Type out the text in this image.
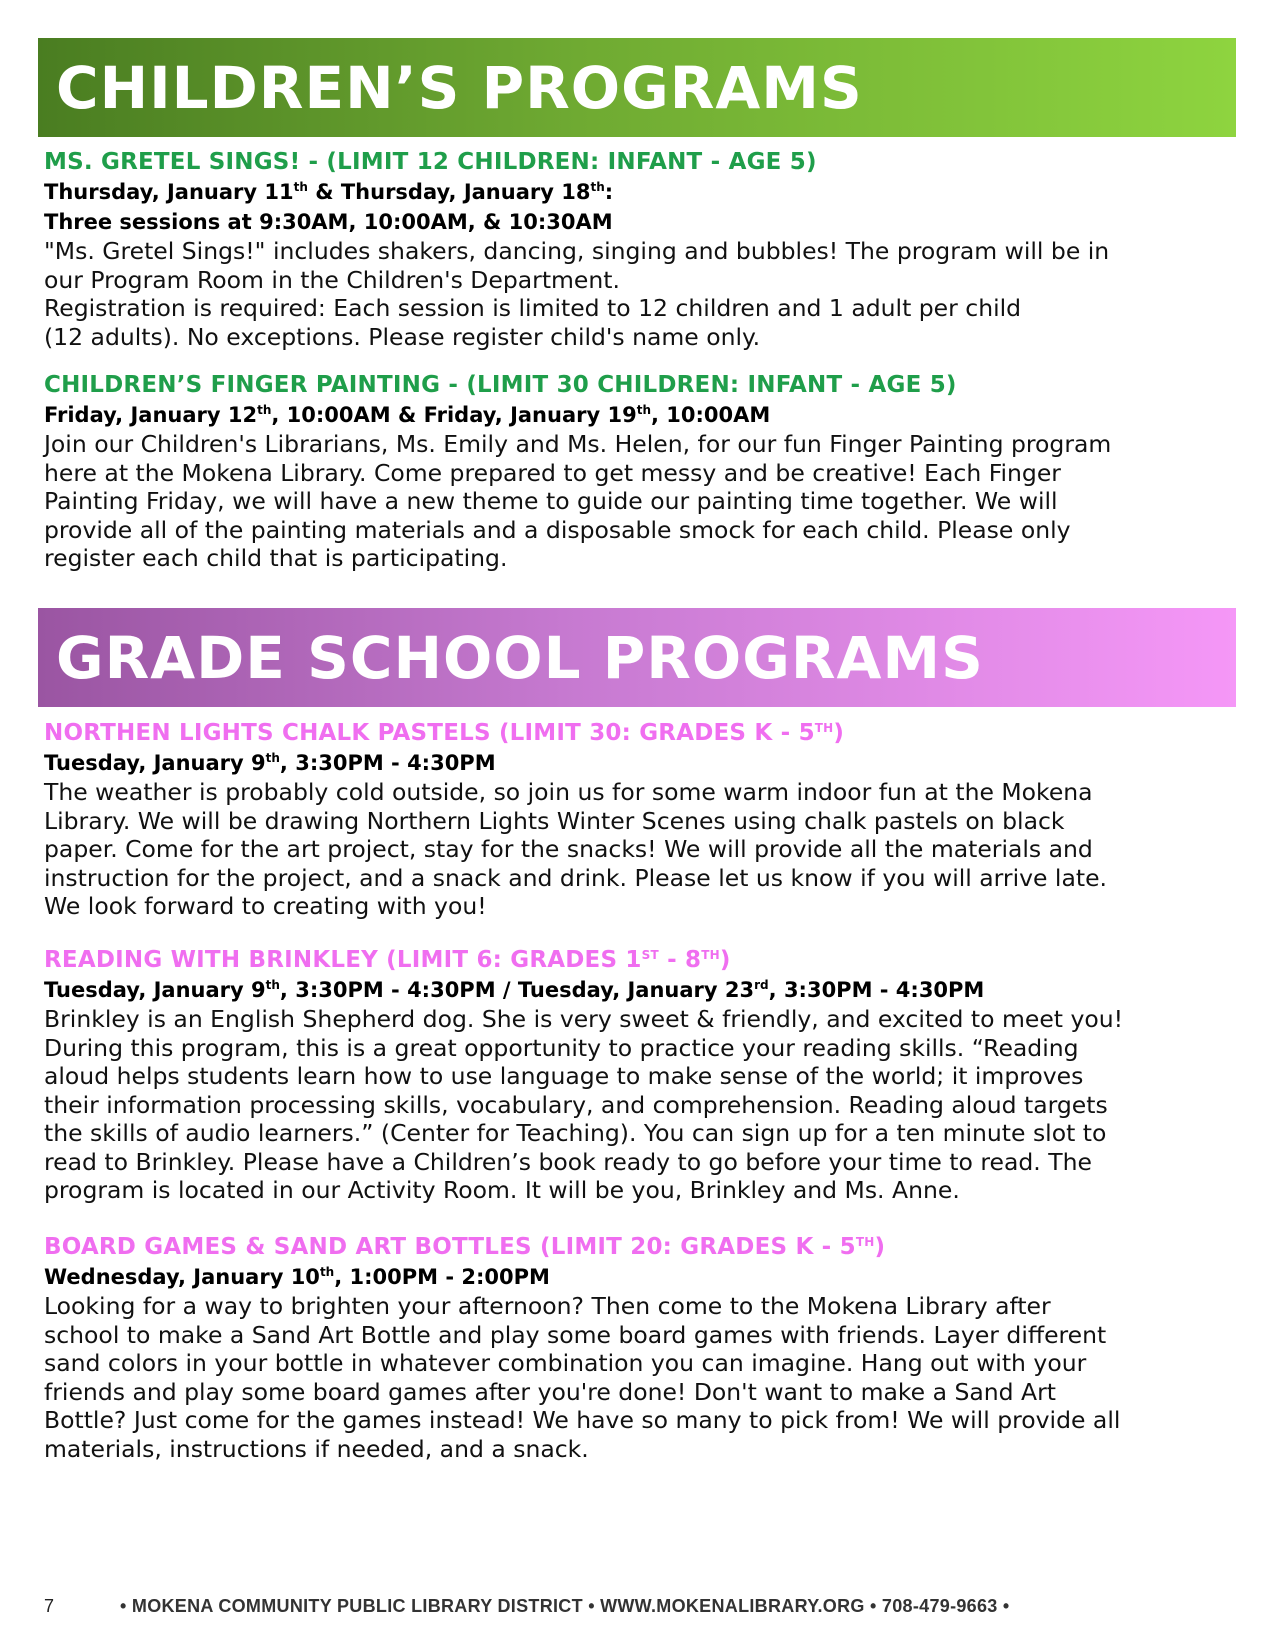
CHILDREN’S PROGRAMS

MS. GRETEL SINGS! - (LIMIT 12 CHILDREN: INFANT - AGE 5)

Thursday, January 11th & Thursday, January 18th:

Three sessions at 9:30AM, 10:00AM, & 10:30AM

"Ms. Gretel Sings!" includes shakers, dancing, singing and bubbles! The program will be in

our Program Room in the Children's Department.

Registration is required: Each session is limited to 12 children and 1 adult per child

(12 adults). No exceptions. Please register child's name only.

CHILDREN’S FINGER PAINTING - (LIMIT 30 CHILDREN: INFANT - AGE 5)

Friday, January 12th, 10:00AM & Friday, January 19th, 10:00AM

Join our Children's Librarians, Ms. Emily and Ms. Helen, for our fun Finger Painting program

here at the Mokena Library. Come prepared to get messy and be creative! Each Finger

Painting Friday, we will have a new theme to guide our painting time together. We will

provide all of the painting materials and a disposable smock for each child. Please only

register each child that is participating.

GRADE SCHOOL PROGRAMS

NORTHEN LIGHTS CHALK PASTELS (LIMIT 30: GRADES K - 5TH)

Tuesday, January 9th, 3:30PM - 4:30PM

The weather is probably cold outside, so join us for some warm indoor fun at the Mokena

Library. We will be drawing Northern Lights Winter Scenes using chalk pastels on black

paper. Come for the art project, stay for the snacks! We will provide all the materials and

instruction for the project, and a snack and drink. Please let us know if you will arrive late.

We look forward to creating with you!

READING WITH BRINKLEY (LIMIT 6: GRADES 1ST - 8TH)

Tuesday, January 9th, 3:30PM - 4:30PM / Tuesday, January 23rd, 3:30PM - 4:30PM

Brinkley is an English Shepherd dog. She is very sweet & friendly, and excited to meet you!

During this program, this is a great opportunity to practice your reading skills. “Reading

aloud helps students learn how to use language to make sense of the world; it improves

their information processing skills, vocabulary, and comprehension. Reading aloud targets

the skills of audio learners.” (Center for Teaching). You can sign up for a ten minute slot to

read to Brinkley. Please have a Children’s book ready to go before your time to read. The

program is located in our Activity Room. It will be you, Brinkley and Ms. Anne.

BOARD GAMES & SAND ART BOTTLES (LIMIT 20: GRADES K - 5TH)

Wednesday, January 10th, 1:00PM - 2:00PM

Looking for a way to brighten your afternoon? Then come to the Mokena Library after

school to make a Sand Art Bottle and play some board games with friends. Layer different

sand colors in your bottle in whatever combination you can imagine. Hang out with your

friends and play some board games after you're done! Don't want to make a Sand Art

Bottle? Just come for the games instead! We have so many to pick from! We will provide all

materials, instructions if needed, and a snack.

7	• MOKENA COMMUNITY PUBLIC LIBRARY DISTRICT • WWW.MOKENALIBRARY.ORG • 708-479-9663 •
